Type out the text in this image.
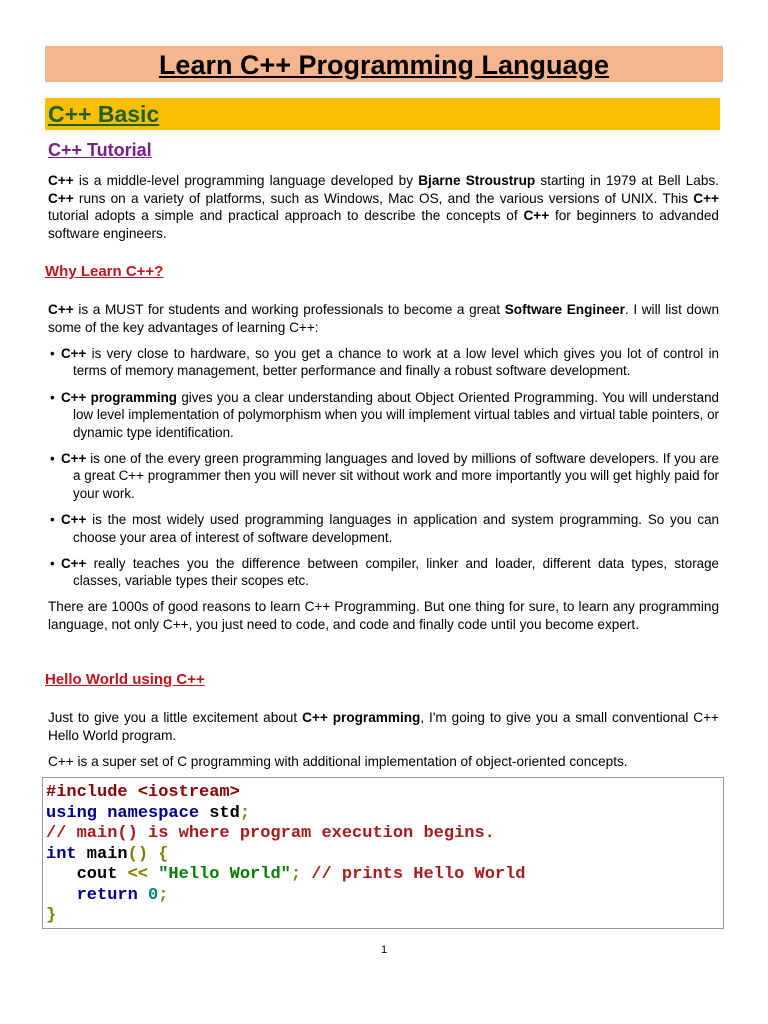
Learn C++ Programming Language
C++ Basic
C++ Tutorial

C++ is a middle-level programming language developed by Bjarne Stroustrup starting in 1979 at Bell Labs. C++ runs on a variety of platforms, such as Windows, Mac OS, and the various versions of UNIX. This C++ tutorial adopts a simple and practical approach to describe the concepts of C++ for beginners to advanded software engineers.

Why Learn C++?

C++ is a MUST for students and working professionals to become a great Software Engineer. I will list down some of the key advantages of learning C++:

• C++ is very close to hardware, so you get a chance to work at a low level which gives you lot of control in terms of memory management, better performance and finally a robust software development.
• C++ programming gives you a clear understanding about Object Oriented Programming. You will understand low level implementation of polymorphism when you will implement virtual tables and virtual table pointers, or dynamic type identification.
• C++ is one of the every green programming languages and loved by millions of software developers. If you are a great C++ programmer then you will never sit without work and more importantly you will get highly paid for your work.
• C++ is the most widely used programming languages in application and system programming. So you can choose your area of interest of software development.
• C++ really teaches you the difference between compiler, linker and loader, different data types, storage classes, variable types their scopes etc.

There are 1000s of good reasons to learn C++ Programming. But one thing for sure, to learn any programming language, not only C++, you just need to code, and code and finally code until you become expert.

Hello World using C++

Just to give you a little excitement about C++ programming, I'm going to give you a small conventional C++ Hello World program.

C++ is a super set of C programming with additional implementation of object-oriented concepts.

#include <iostream>
using namespace std;
// main() is where program execution begins.
int main() {
cout << "Hello World"; // prints Hello World
return 0;
}
1
